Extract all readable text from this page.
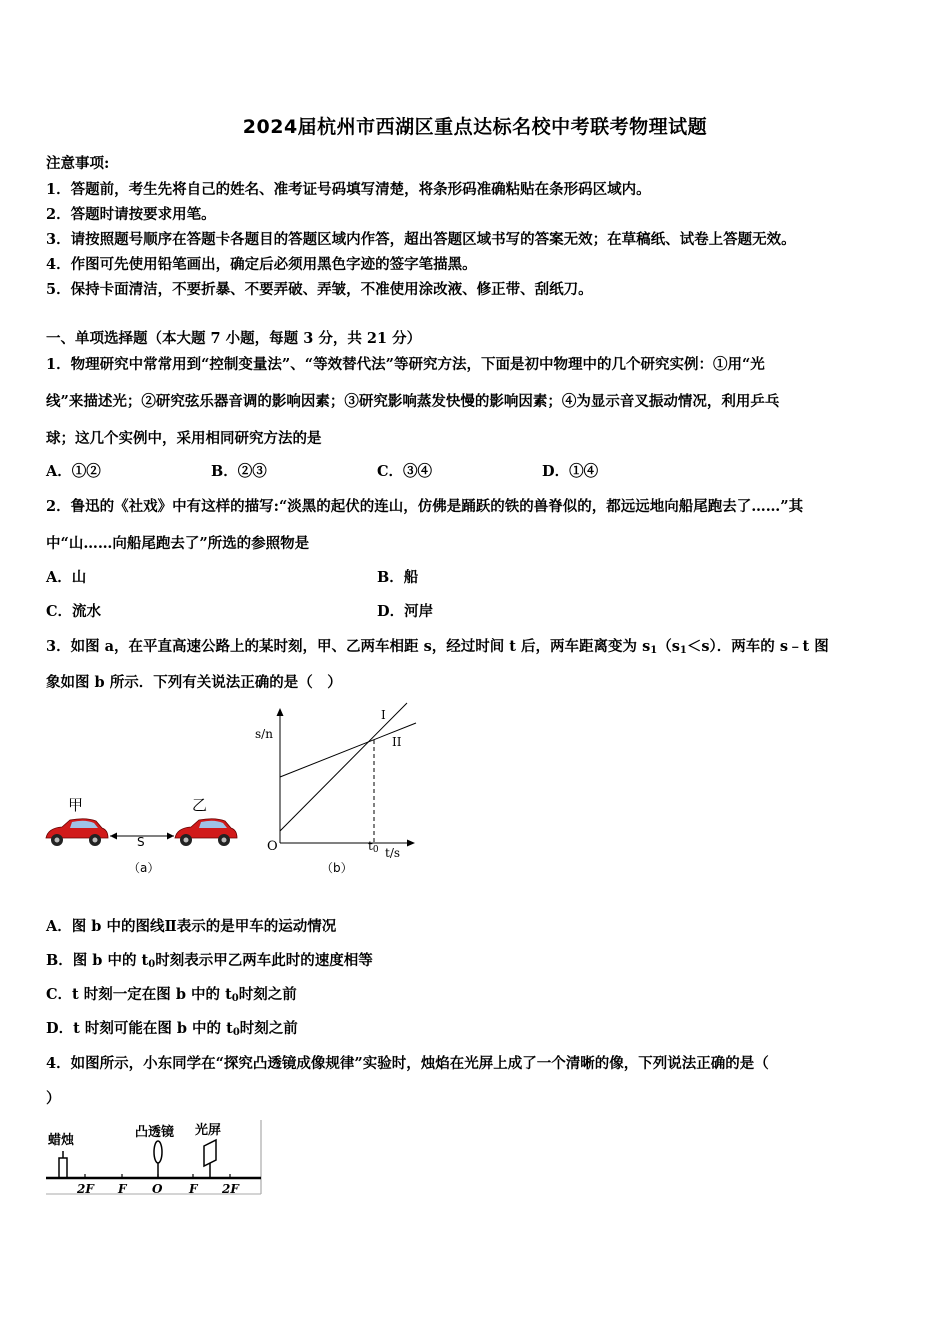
2024届杭州市西湖区重点达标名校中考联考物理试题
注意事项:
1．答题前，考生先将自己的姓名、准考证号码填写清楚，将条形码准确粘贴在条形码区域内。
2．答题时请按要求用笔。
3．请按照题号顺序在答题卡各题目的答题区域内作答，超出答题区域书写的答案无效；在草稿纸、试卷上答题无效。
4．作图可先使用铅笔画出，确定后必须用黑色字迹的签字笔描黑。
5．保持卡面清洁，不要折暴、不要弄破、弄皱，不准使用涂改液、修正带、刮纸刀。
一、单项选择题（本大题 7 小题，每题 3 分，共 21 分）
1．物理研究中常常用到“控制变量法”、“等效替代法”等研究方法，下面是初中物理中的几个研究实例：①用“光
线”来描述光；②研究弦乐器音调的影响因素；③研究影响蒸发快慢的影响因素；④为显示音叉振动情况，利用乒乓
球；这几个实例中，采用相同研究方法的是
A．①②	B．②③	C．③④	D．①④
2．鲁迅的《社戏》中有这样的描写:“淡黑的起伏的连山，仿佛是踊跃的铁的兽脊似的，都远远地向船尾跑去了……”其
中“山……向船尾跑去了”所选的参照物是
A．山	B．船
C．流水	D．河岸
3．如图 a，在平直高速公路上的某时刻，甲、乙两车相距 s，经过时间 t 后，两车距离变为 $s_1(s_1<s)$．两车的 s﹣t 图
象如图 b 所示．下列有关说法正确的是（　）
甲	乙
S
（a）
s/n
t/s
O	t0
I
II
（b）
A．图 b 中的图线Ⅱ表示的是甲车的运动情况
B．图 b 中的 $t_0$时刻表示甲乙两车此时的速度相等
C．t 时刻一定在图 b 中的 $t_0$时刻之前
D．t 时刻可能在图 b 中的 $t_0$时刻之前
4．如图所示，小东同学在“探究凸透镜成像规律”实验时，烛焰在光屏上成了一个清晰的像，下列说法正确的是（
）
蜡烛
凸透镜 光屏
2F F O F 2F
